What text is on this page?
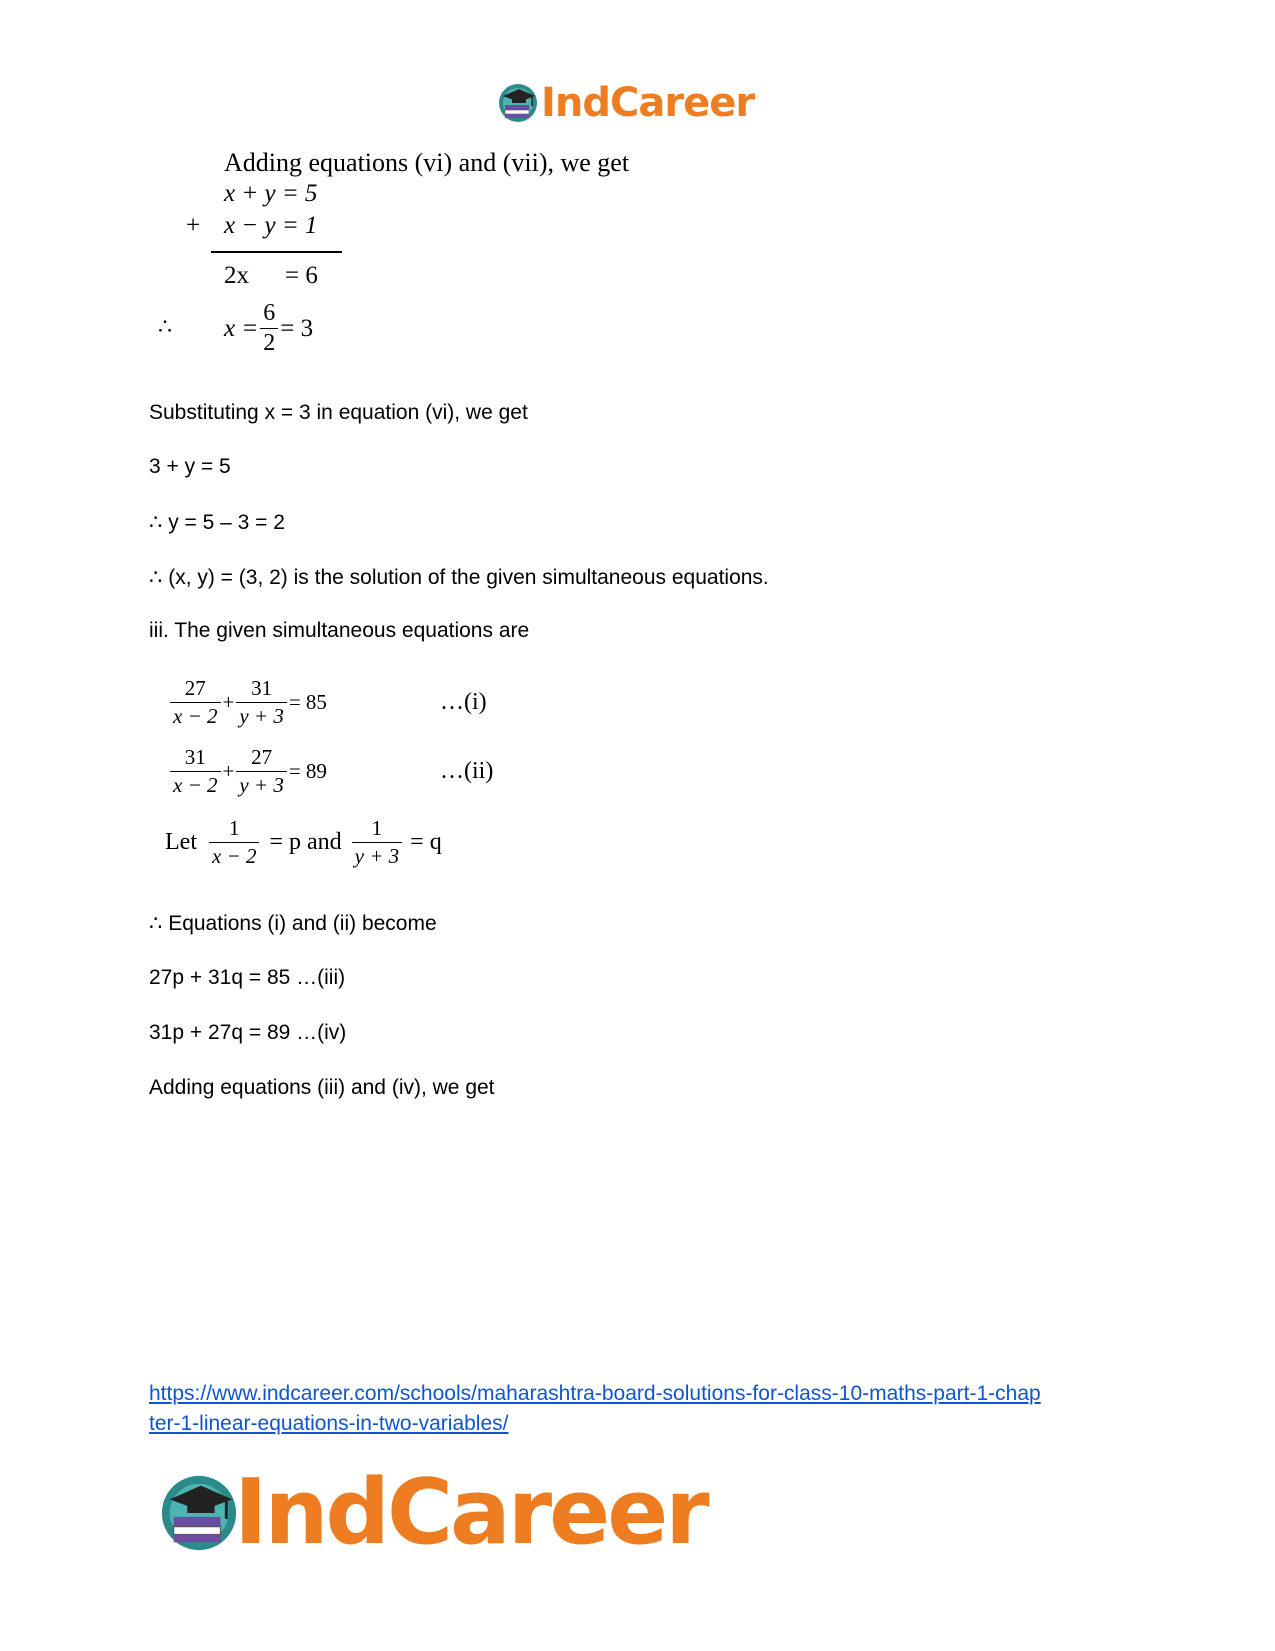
IndCareer
Adding equations (vi) and (vii), we get
x + y = 5
+ x − y = 1
2x = 6
∴ $x = \frac{6}{2} = 3$
Substituting x = 3 in equation (vi), we get
3 + y = 5
∴ y = 5 – 3 = 2
∴ (x, y) = (3, 2) is the solution of the given simultaneous equations.
iii. The given simultaneous equations are
$\frac{27}{x - 2} + \frac{31}{y + 3} = 85$	…(i)
$\frac{31}{x - 2} + \frac{27}{y + 3} = 89$	…(ii)
Let $\frac{1}{x - 2} = p$ and $\frac{1}{y + 3} = q$
∴ Equations (i) and (ii) become
27p + 31q = 85 …(iii)
31p + 27q = 89 …(iv)
Adding equations (iii) and (iv), we get
https://www.indcareer.com/schools/maharashtra-board-solutions-for-class-10-maths-part-1-chap
ter-1-linear-equations-in-two-variables/
IndCareer
